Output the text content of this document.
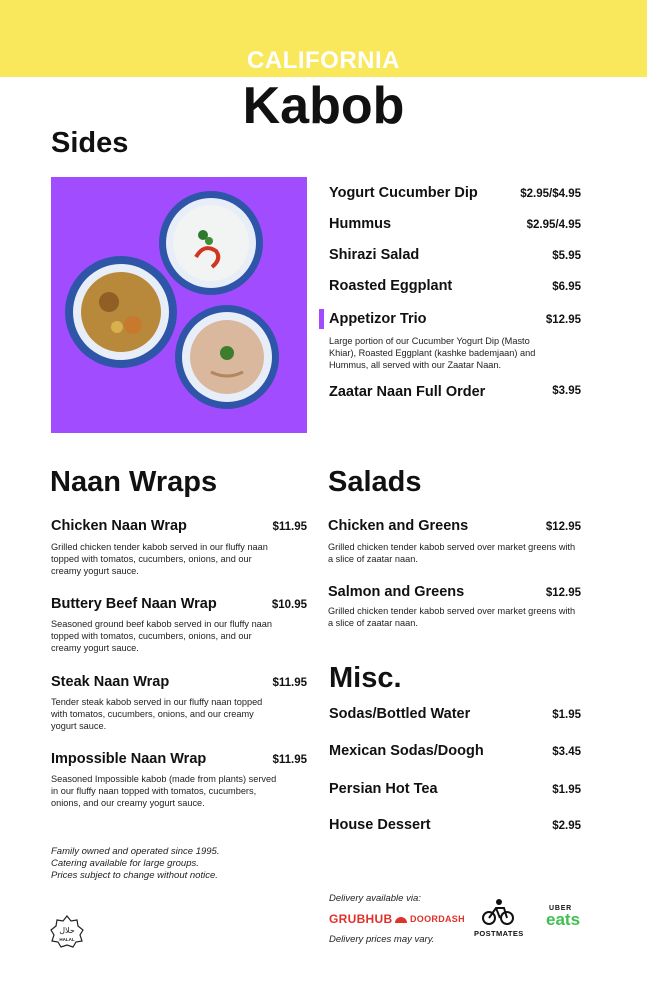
CALIFORNIA
Kabob
Sides
Yogurt Cucumber Dip	$2.95/$4.95
Hummus	$2.95/4.95
Shirazi Salad	$5.95
Roasted Eggplant	$6.95
Appetizor Trio	$12.95
Large portion of our Cucumber Yogurt Dip (Masto Khiar), Roasted Eggplant (kashke bademjaan) and Hummus, all served with our Zaatar Naan.
Zaatar Naan Full Order	$3.95
Naan Wraps
Chicken Naan Wrap	$11.95
Grilled chicken tender kabob served in our fluffy naan topped with tomatos, cucumbers, onions, and our creamy yogurt sauce.
Buttery Beef Naan Wrap	$10.95
Seasoned ground beef kabob served in our fluffy naan topped with tomatos, cucumbers, onions, and our creamy yogurt sauce.
Steak Naan Wrap	$11.95
Tender steak kabob served in our fluffy naan topped with tomatos, cucumbers, onions, and our creamy yogurt sauce.
Impossible Naan Wrap	$11.95
Seasoned Impossible kabob (made from plants) served in our fluffy naan topped with tomatos, cucumbers, onions, and our creamy yogurt sauce.
Salads
Chicken and Greens	$12.95
Grilled chicken tender kabob served over market greens with a slice of zaatar naan.
Salmon and Greens	$12.95
Grilled chicken tender kabob served over market greens with a slice of zaatar naan.
Misc.
Sodas/Bottled Water	$1.95
Mexican Sodas/Doogh	$3.45
Persian Hot Tea	$1.95
House Dessert	$2.95
Family owned and operated since 1995.
Catering available for large groups.
Prices subject to change without notice.
حلال
HALAL
Delivery available via:
GRUBHUB	DOORDASH
POSTMATES
UBER
eats
Delivery prices may vary.
